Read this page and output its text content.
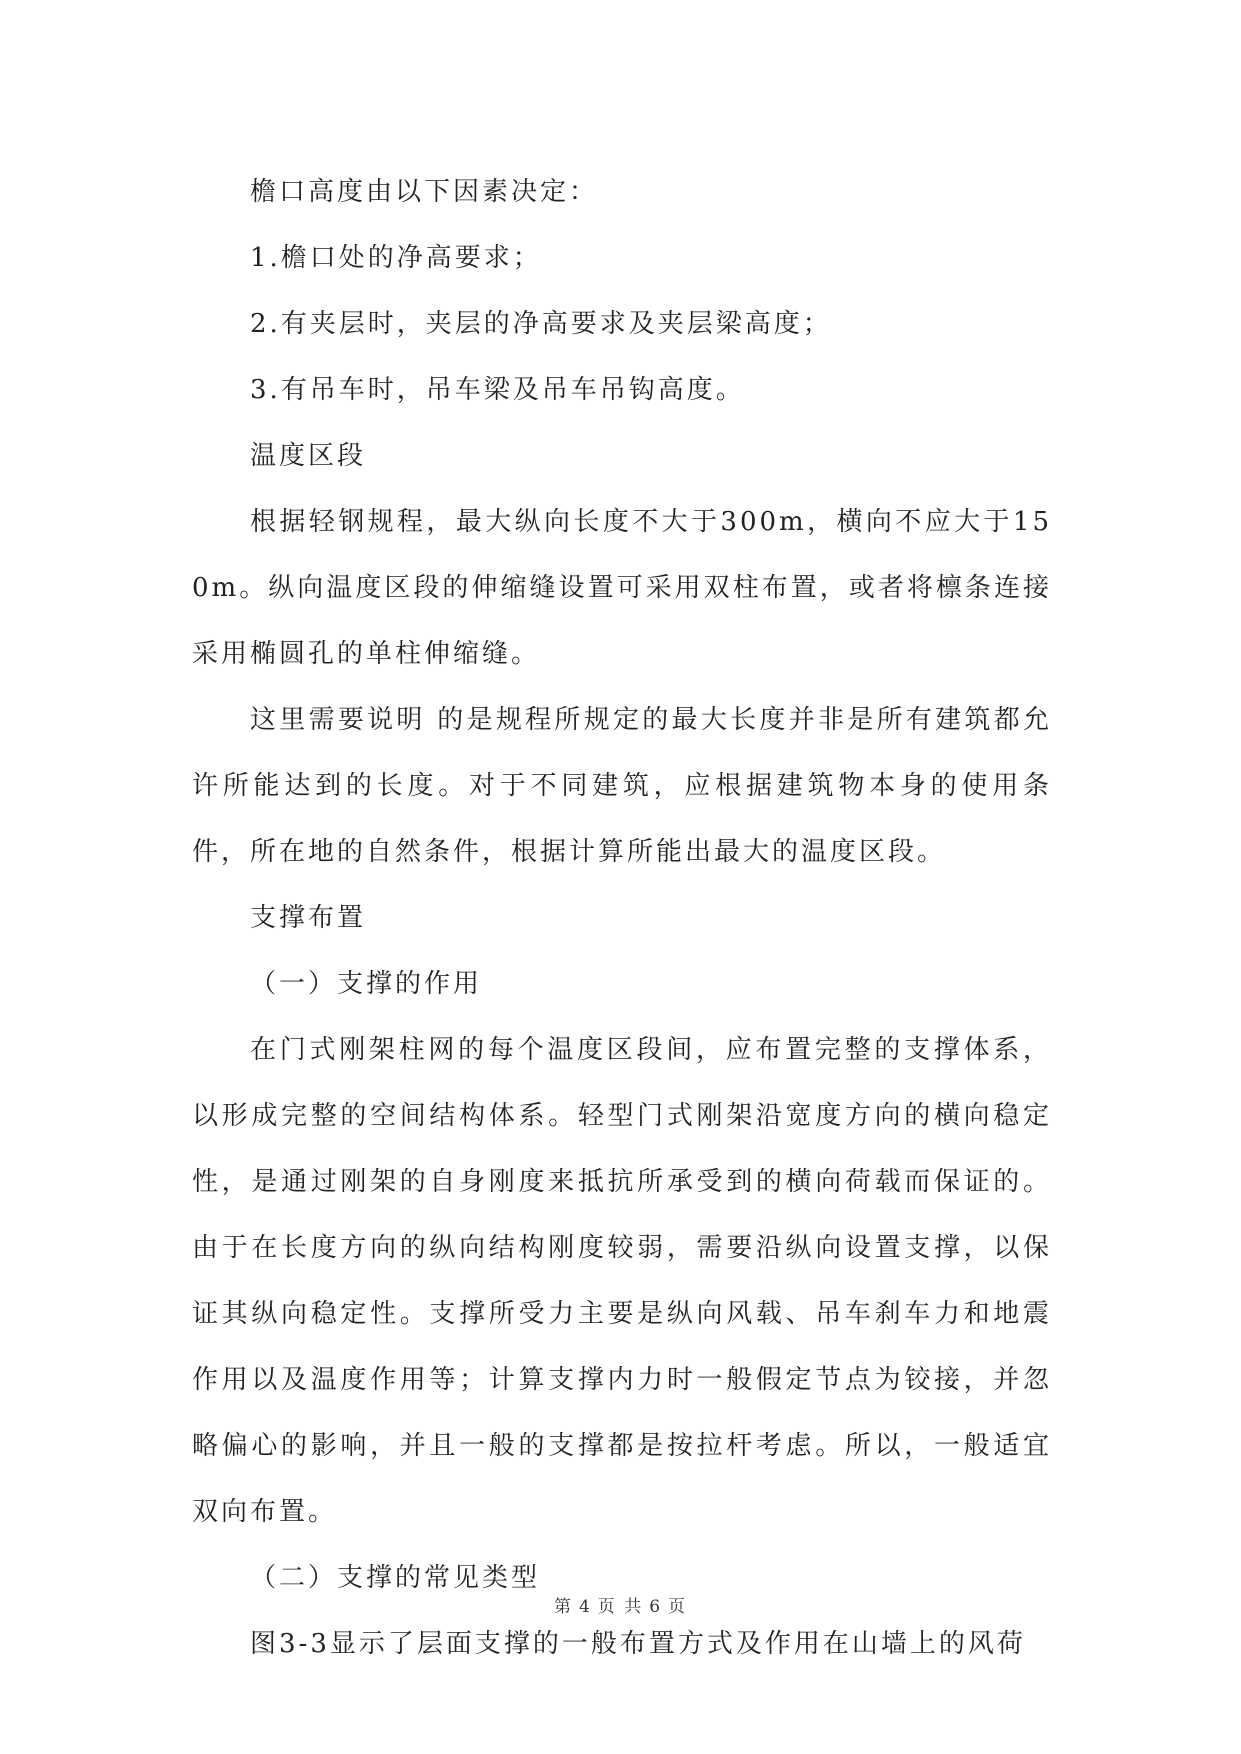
檐口高度由以下因素决定：

1.檐口处的净高要求；

2.有夹层时，夹层的净高要求及夹层梁高度；

3.有吊车时，吊车梁及吊车吊钩高度。

温度区段

根据轻钢规程，最大纵向长度不大于300m，横向不应大于150m。纵向温度区段的伸缩缝设置可采用双柱布置，或者将檩条连接采用椭圆孔的单柱伸缩缝。

这里需要说明 的是规程所规定的最大长度并非是所有建筑都允许所能达到的长度。对于不同建筑，应根据建筑物本身的使用条件，所在地的自然条件，根据计算所能出最大的温度区段。

支撑布置

（一）支撑的作用

在门式刚架柱网的每个温度区段间，应布置完整的支撑体系，以形成完整的空间结构体系。轻型门式刚架沿宽度方向的横向稳定性，是通过刚架的自身刚度来抵抗所承受到的横向荷载而保证的。由于在长度方向的纵向结构刚度较弱，需要沿纵向设置支撑，以保证其纵向稳定性。支撑所受力主要是纵向风载、吊车刹车力和地震作用以及温度作用等；计算支撑内力时一般假定节点为铰接，并忽略偏心的影响，并且一般的支撑都是按拉杆考虑。所以，一般适宜双向布置。

（二）支撑的常见类型

图3-3显示了层面支撑的一般布置方式及作用在山墙上的风荷

第 4 页 共 6 页
